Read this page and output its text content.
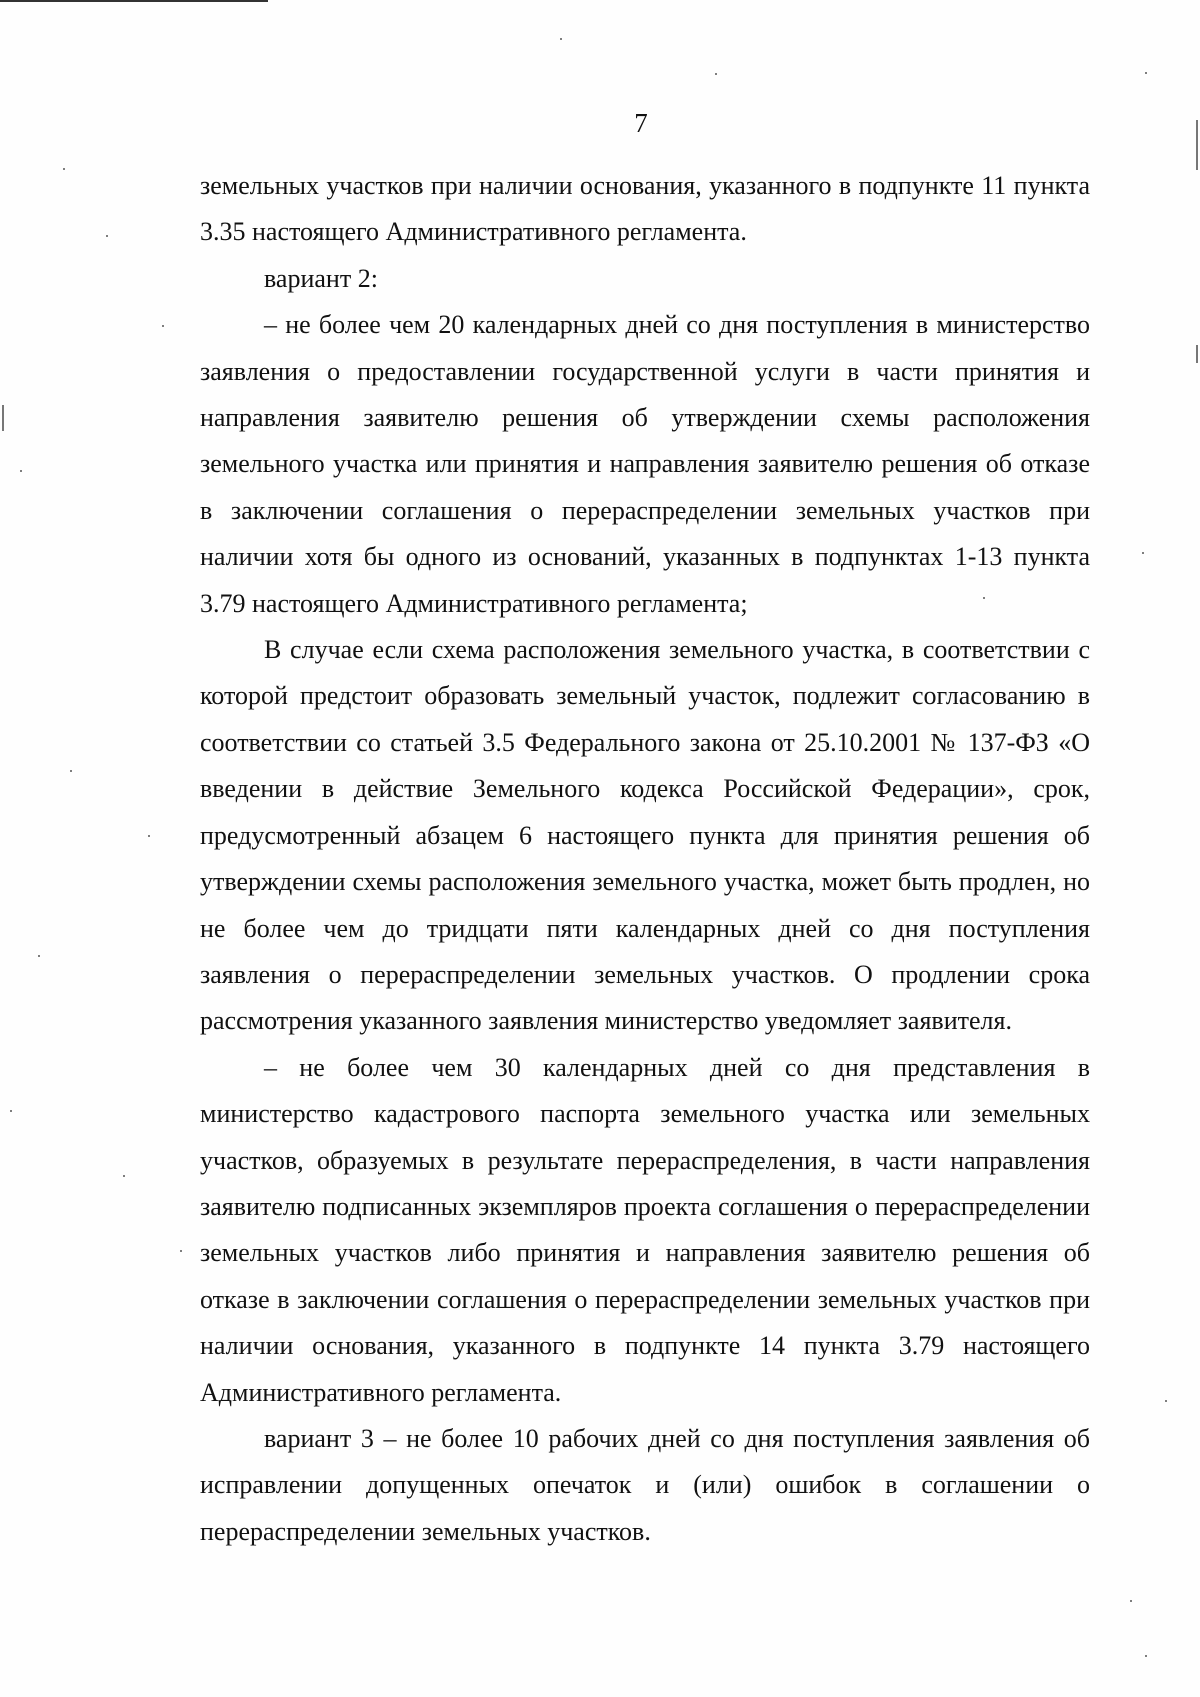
7

земельных участков при наличии основания, указанного в подпункте 11 пункта 3.35 настоящего Административного регламента.

вариант 2:

– не более чем 20 календарных дней со дня поступления в министерство заявления о предоставлении государственной услуги в части принятия и направления заявителю решения об утверждении схемы расположения земельного участка или принятия и направления заявителю решения об отказе в заключении соглашения о перераспределении земельных участков при наличии хотя бы одного из оснований, указанных в подпунктах 1-13 пункта 3.79 настоящего Административного регламента;

В случае если схема расположения земельного участка, в соответствии с которой предстоит образовать земельный участок, подлежит согласованию в соответствии со статьей 3.5 Федерального закона от 25.10.2001 № 137-ФЗ «О введении в действие Земельного кодекса Российской Федерации», срок, предусмотренный абзацем 6 настоящего пункта для принятия решения об утверждении схемы расположения земельного участка, может быть продлен, но не более чем до тридцати пяти календарных дней со дня поступления заявления о перераспределении земельных участков. О продлении срока рассмотрения указанного заявления министерство уведомляет заявителя.

– не более чем 30 календарных дней со дня представления в министерство кадастрового паспорта земельного участка или земельных участков, образуемых в результате перераспределения, в части направления заявителю подписанных экземпляров проекта соглашения о перераспределении земельных участков либо принятия и направления заявителю решения об отказе в заключении соглашения о перераспределении земельных участков при наличии основания, указанного в подпункте 14 пункта 3.79 настоящего Административного регламента.

вариант 3 – не более 10 рабочих дней со дня поступления заявления об исправлении допущенных опечаток и (или) ошибок в соглашении о перераспределении земельных участков.
